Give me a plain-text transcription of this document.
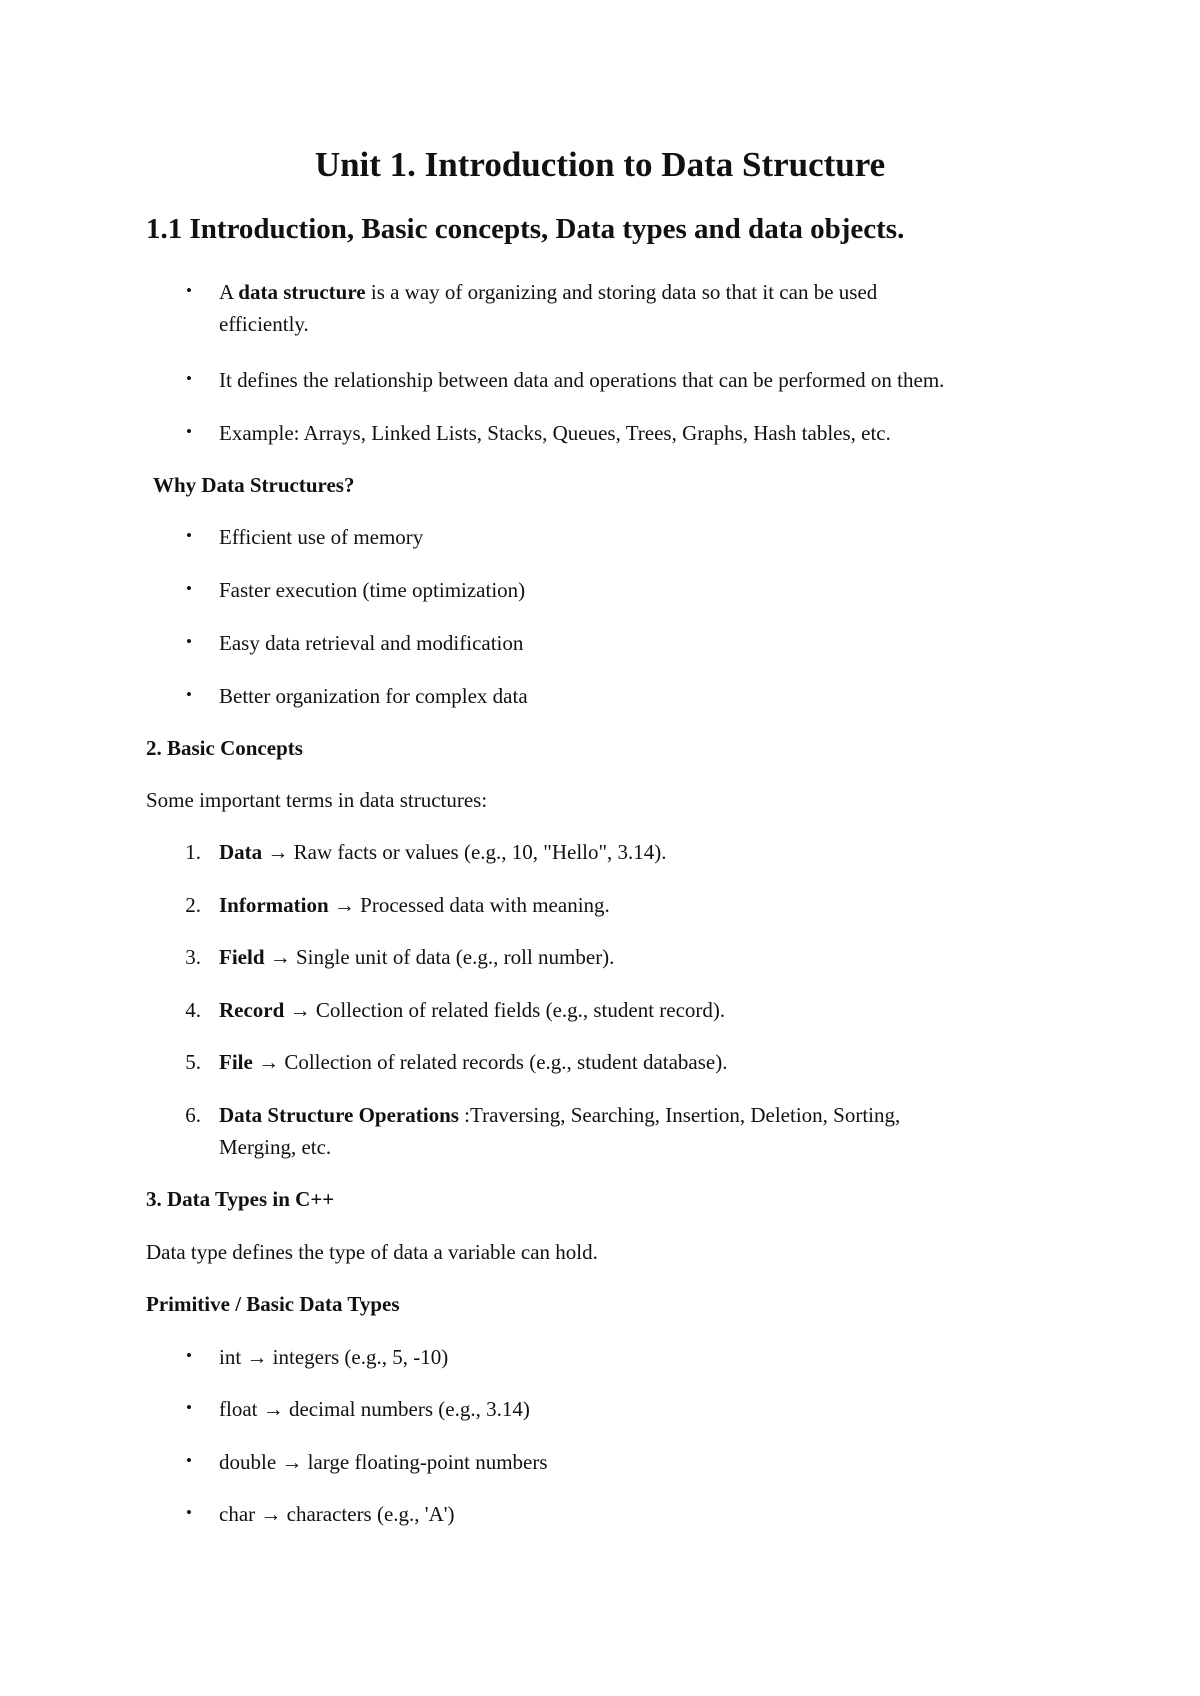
Unit 1. Introduction to Data Structure
1.1 Introduction, Basic concepts, Data types and data objects.
• A data structure is a way of organizing and storing data so that it can be used

efficiently.

• It defines the relationship between data and operations that can be performed on them.

• Example: Arrays, Linked Lists, Stacks, Queues, Trees, Graphs, Hash tables, etc.

Why Data Structures?

• Efficient use of memory

• Faster execution (time optimization)

• Easy data retrieval and modification

• Better organization for complex data

2. Basic Concepts

Some important terms in data structures:

1. Data → Raw facts or values (e.g., 10, "Hello", 3.14).

2. Information → Processed data with meaning.

3. Field → Single unit of data (e.g., roll number).

4. Record → Collection of related fields (e.g., student record).

5. File → Collection of related records (e.g., student database).

6. Data Structure Operations :Traversing, Searching, Insertion, Deletion, Sorting,

Merging, etc.

3. Data Types in C++

Data type defines the type of data a variable can hold.

Primitive / Basic Data Types

• int → integers (e.g., 5, -10)

• float → decimal numbers (e.g., 3.14)

• double → large floating-point numbers

• char → characters (e.g., 'A')
